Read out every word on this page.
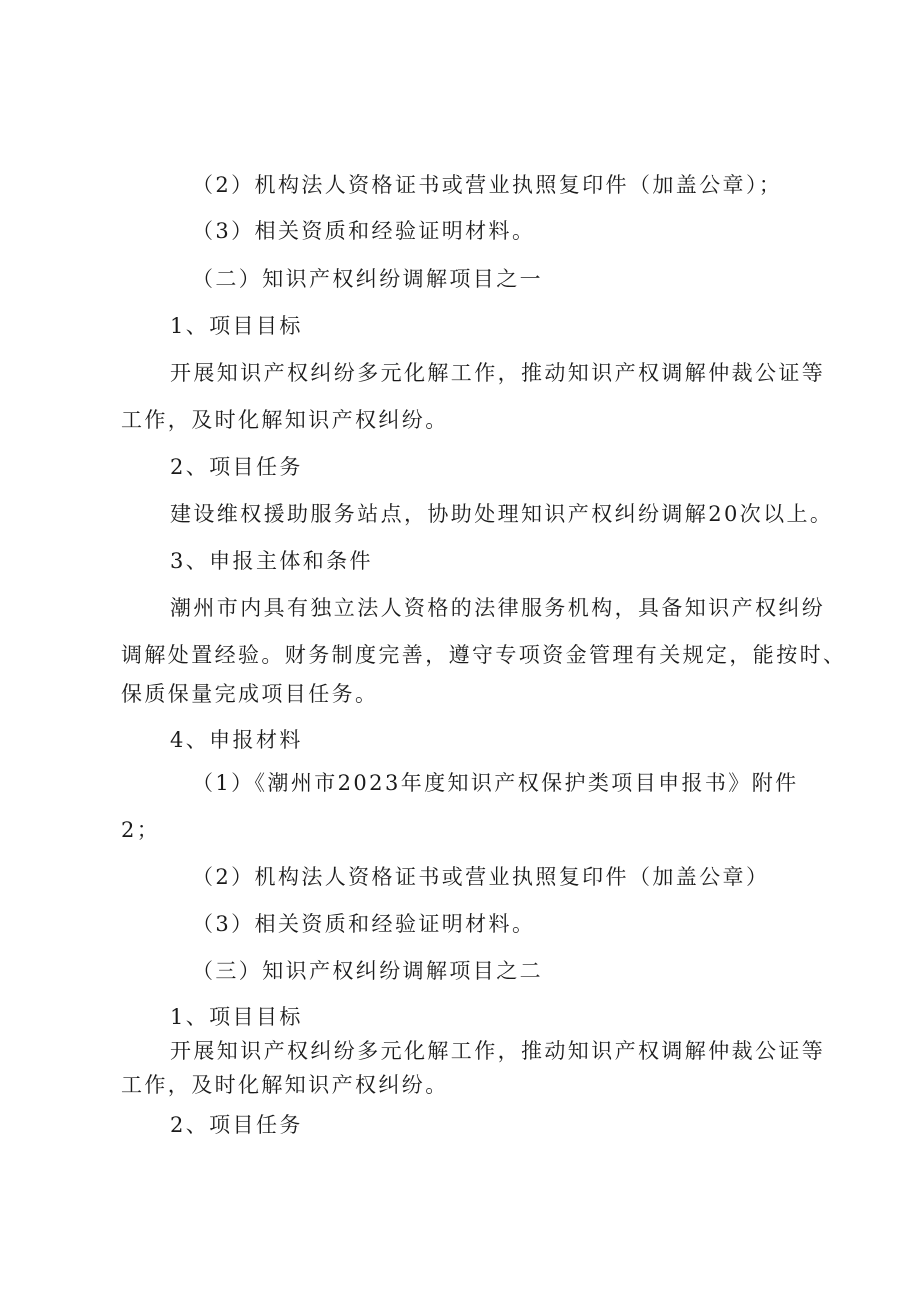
（2）机构法人资格证书或营业执照复印件（加盖公章）；
（3）相关资质和经验证明材料。
（二）知识产权纠纷调解项目之一
1、项目目标
开展知识产权纠纷多元化解工作，推动知识产权调解仲裁公证等
工作，及时化解知识产权纠纷。
2、项目任务
建设维权援助服务站点，协助处理知识产权纠纷调解20次以上。
3、申报主体和条件
潮州市内具有独立法人资格的法律服务机构，具备知识产权纠纷
调解处置经验。财务制度完善，遵守专项资金管理有关规定，能按时、
保质保量完成项目任务。
4、申报材料
（1）《潮州市2023年度知识产权保护类项目申报书》附件
2；
（2）机构法人资格证书或营业执照复印件（加盖公章）
（3）相关资质和经验证明材料。
（三）知识产权纠纷调解项目之二
1、项目目标
开展知识产权纠纷多元化解工作，推动知识产权调解仲裁公证等
工作，及时化解知识产权纠纷。
2、项目任务
